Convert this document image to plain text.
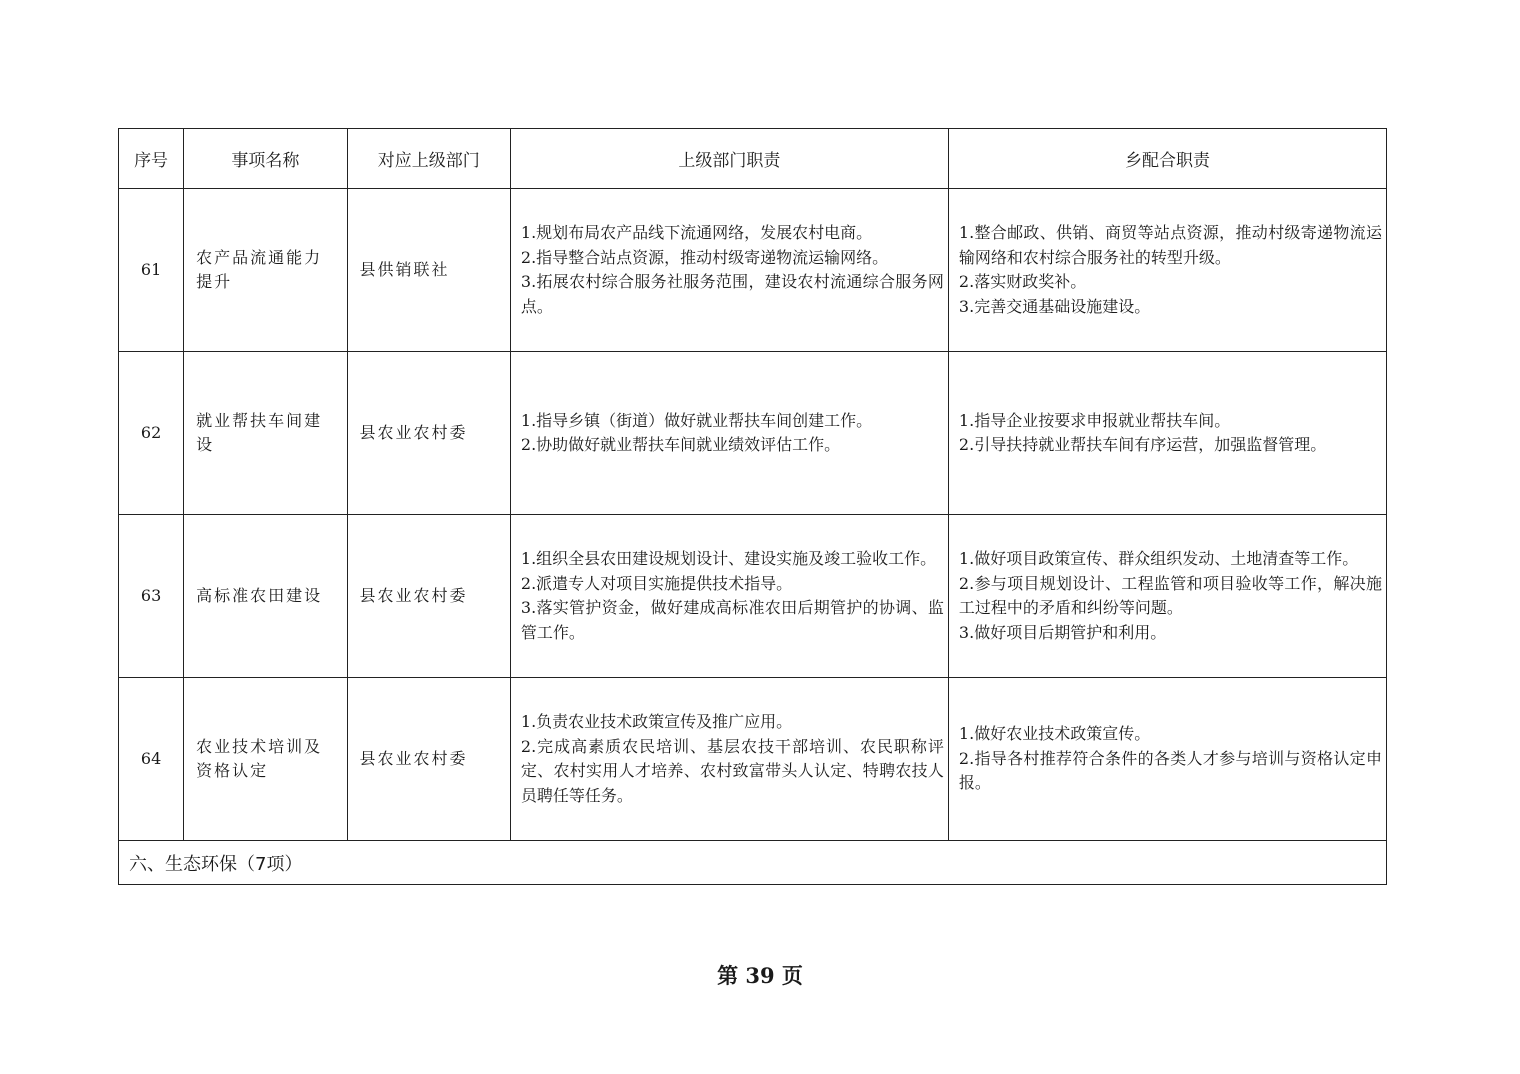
序号	事项名称	对应上级部门	上级部门职责	乡配合职责
61	农产品流通能力提升	县供销联社	1.规划布局农产品线下流通网络，发展农村电商。
2.指导整合站点资源，推动村级寄递物流运输网络。
3.拓展农村综合服务社服务范围，建设农村流通综合服务网点。	1.整合邮政、供销、商贸等站点资源，推动村级寄递物流运输网络和农村综合服务社的转型升级。
2.落实财政奖补。
3.完善交通基础设施建设。

62	就业帮扶车间建设	县农业农村委	1.指导乡镇（街道）做好就业帮扶车间创建工作。
2.协助做好就业帮扶车间就业绩效评估工作。	1.指导企业按要求申报就业帮扶车间。
2.引导扶持就业帮扶车间有序运营，加强监督管理。

63	高标准农田建设	县农业农村委	1.组织全县农田建设规划设计、建设实施及竣工验收工作。
2.派遣专人对项目实施提供技术指导。
3.落实管护资金，做好建成高标准农田后期管护的协调、监管工作。	1.做好项目政策宣传、群众组织发动、土地清查等工作。
2.参与项目规划设计、工程监管和项目验收等工作，解决施工过程中的矛盾和纠纷等问题。
3.做好项目后期管护和利用。

64	农业技术培训及资格认定	县农业农村委	1.负责农业技术政策宣传及推广应用。
2.完成高素质农民培训、基层农技干部培训、农民职称评定、农村实用人才培养、农村致富带头人认定、特聘农技人员聘任等任务。	1.做好农业技术政策宣传。
2.指导各村推荐符合条件的各类人才参与培训与资格认定申报。

六、生态环保（7项）				
第 39 页
